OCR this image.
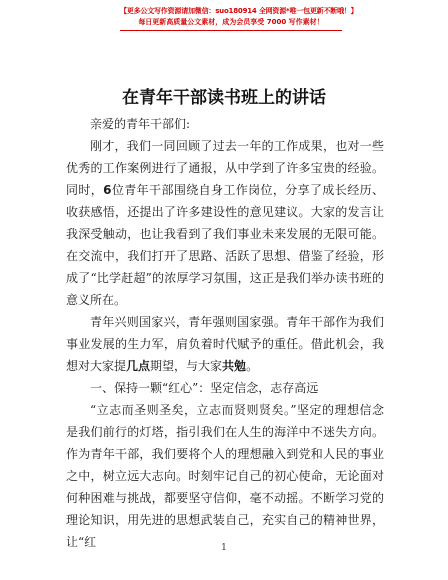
【更多公文写作资源请加微信：suo180914 全网资源*唯一包更新不断哦！】
每日更新高质量公文素材，成为会员享受 7000 写作素材！
在青年干部读书班上的讲话

亲爱的青年干部们:

刚才，我们一同回顾了过去一年的工作成果，也对一些优秀的工作案例进行了通报，从中学到了许多宝贵的经验。同时，6位青年干部围绕自身工作岗位，分享了成长经历、收获感悟，还提出了许多建设性的意见建议。大家的发言让我深受触动，也让我看到了我们事业未来发展的无限可能。在交流中，我们打开了思路、活跃了思想、借鉴了经验，形成了“比学赶超”的浓厚学习氛围，这正是我们举办读书班的意义所在。

青年兴则国家兴，青年强则国家强。青年干部作为我们事业发展的生力军，肩负着时代赋予的重任。借此机会，我想对大家提几点期望，与大家共勉。

一、保持一颗“红心”：坚定信念，志存高远

“立志而圣则圣矣，立志而贤则贤矣。”坚定的理想信念是我们前行的灯塔，指引我们在人生的海洋中不迷失方向。作为青年干部，我们要将个人的理想融入到党和人民的事业之中，树立远大志向。时刻牢记自己的初心使命，无论面对何种困难与挑战，都要坚守信仰，毫不动摇。不断学习党的理论知识，用先进的思想武装自己，充实自己的精神世界，让“红	1
